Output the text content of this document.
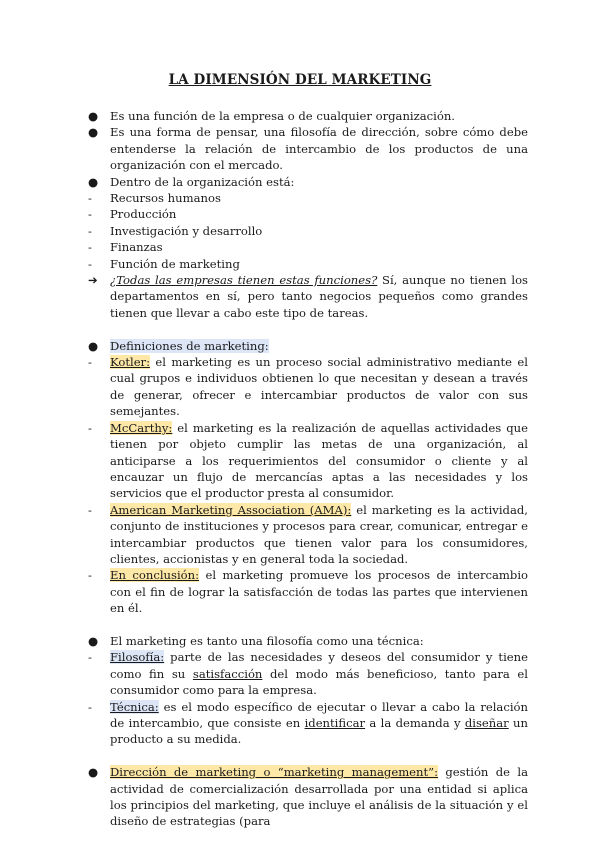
LA DIMENSIÓN DEL MARKETING
●	Es una función de la empresa o de cualquier organización.
●	Es una forma de pensar, una filosofía de dirección, sobre cómo debe entenderse la relación de intercambio de los productos de una organización con el mercado.
●	Dentro de la organización está:
-	Recursos humanos
-	Producción
-	Investigación y desarrollo
-	Finanzas
-	Función de marketing
➔	¿Todas las empresas tienen estas funciones? Sí, aunque no tienen los departamentos en sí, pero tanto negocios pequeños como grandes tienen que llevar a cabo este tipo de tareas.
●	Definiciones de marketing:
-	Kotler: el marketing es un proceso social administrativo mediante el cual grupos e individuos obtienen lo que necesitan y desean a través de generar, ofrecer e intercambiar productos de valor con sus semejantes.
-	McCarthy: el marketing es la realización de aquellas actividades que tienen por objeto cumplir las metas de una organización, al anticiparse a los requerimientos del consumidor o cliente y al encauzar un flujo de mercancías aptas a las necesidades y los servicios que el productor presta al consumidor.
-	American Marketing Association (AMA): el marketing es la actividad, conjunto de instituciones y procesos para crear, comunicar, entregar e intercambiar productos que tienen valor para los consumidores, clientes, accionistas y en general toda la sociedad.
-	En conclusión: el marketing promueve los procesos de intercambio con el fin de lograr la satisfacción de todas las partes que intervienen en él.
●	El marketing es tanto una filosofía como una técnica:
-	Filosofía: parte de las necesidades y deseos del consumidor y tiene como fin su satisfacción del modo más beneficioso, tanto para el consumidor como para la empresa.
-	Técnica: es el modo específico de ejecutar o llevar a cabo la relación de intercambio, que consiste en identificar a la demanda y diseñar un producto a su medida.
●	Dirección de marketing o “marketing management”: gestión de la actividad de comercialización desarrollada por una entidad si aplica los principios del marketing, que incluye el análisis de la situación y el diseño de estrategias (para
